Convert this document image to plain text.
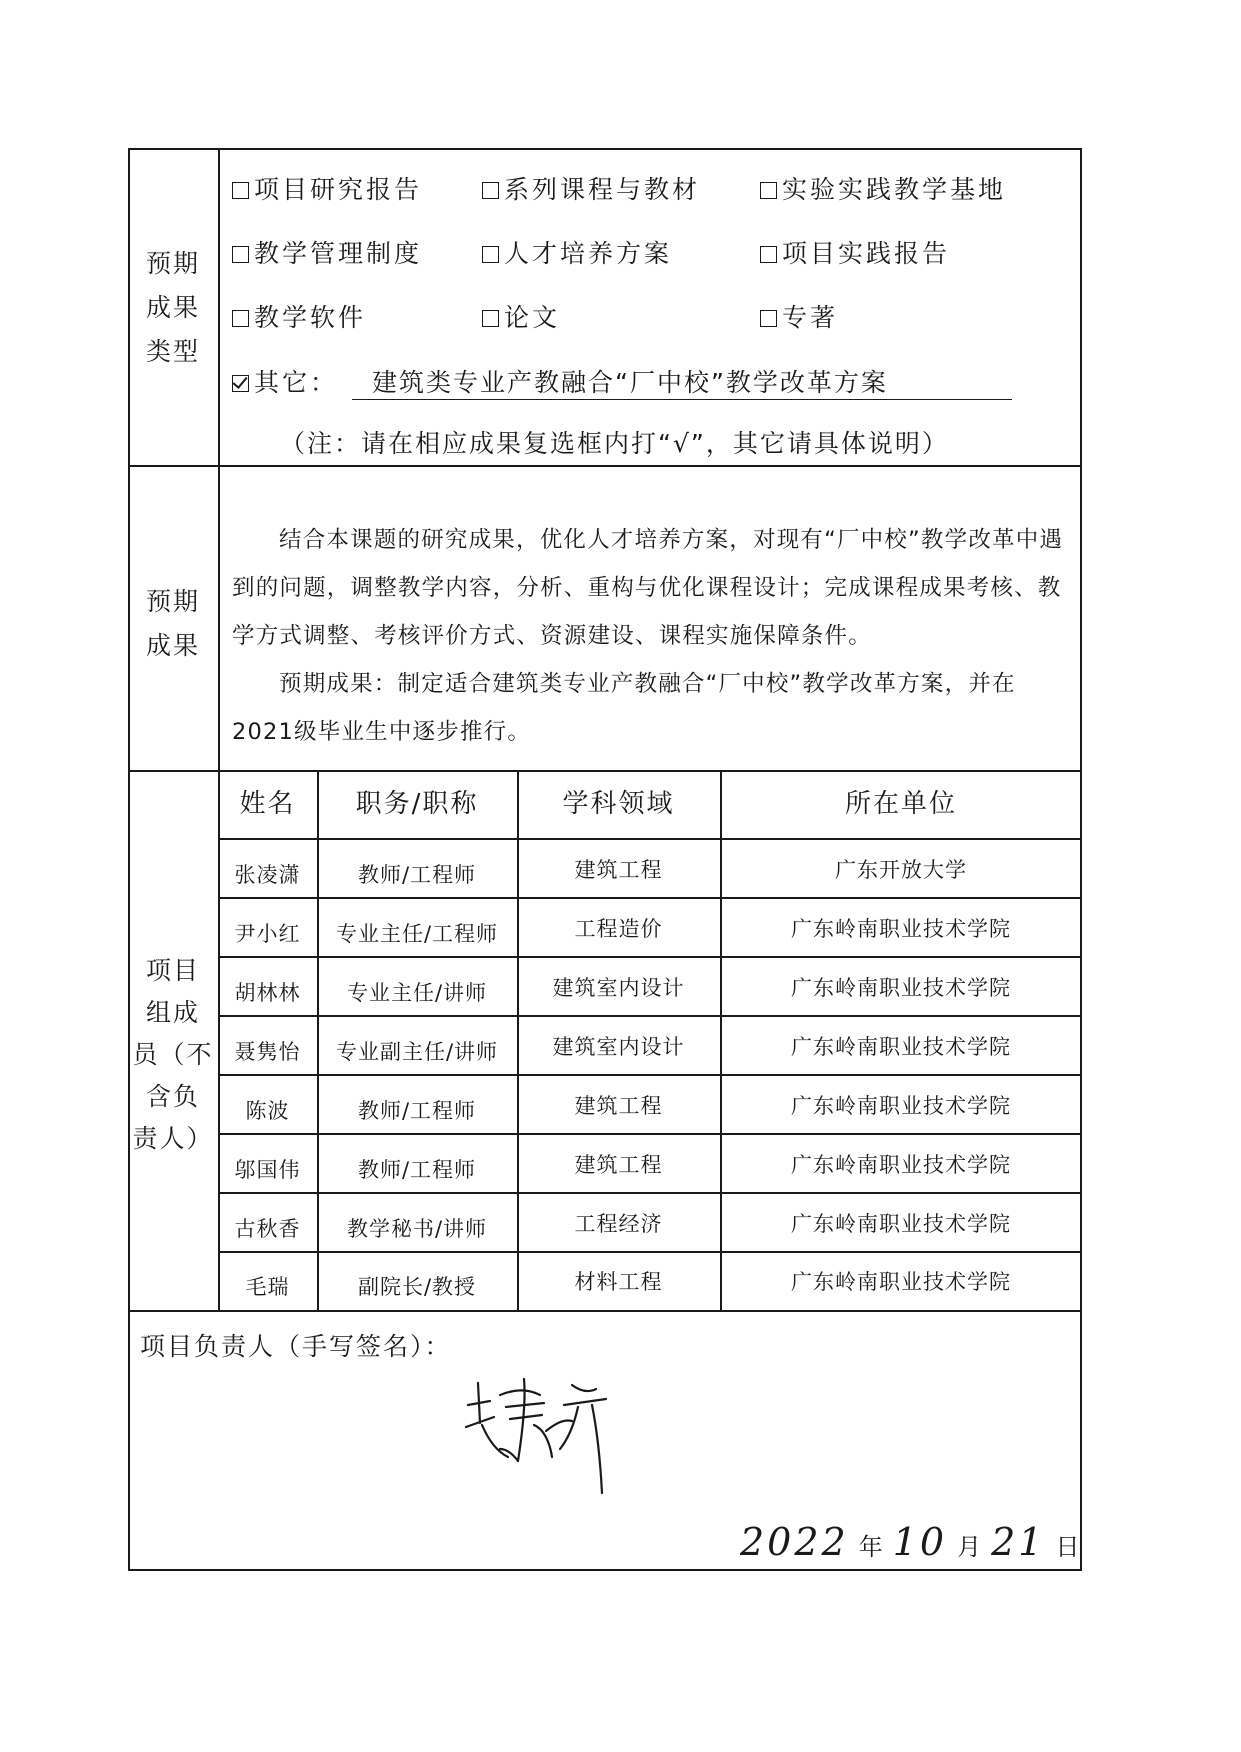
预期
成果
类型
项目研究报告	系列课程与教材	实验实践教学基地
教学管理制度	人才培养方案	项目实践报告
教学软件	论文	专著
其它：	建筑类专业产教融合“厂中校”教学改革方案
（注：请在相应成果复选框内打“√”，其它请具体说明）
预期
成果
结合本课题的研究成果，优化人才培养方案，对现有“厂中校”教学改革中遇到的问题，调整教学内容，分析、重构与优化课程设计；完成课程成果考核、教学方式调整、考核评价方式、资源建设、课程实施保障条件。
预期成果：制定适合建筑类专业产教融合“厂中校”教学改革方案，并在2021级毕业生中逐步推行。
项目
组成
员（不
含负
责人）
姓名	职务/职称	学科领域	所在单位
张凌潇	教师/工程师	建筑工程	广东开放大学
尹小红	专业主任/工程师	工程造价	广东岭南职业技术学院
胡林林	专业主任/讲师	建筑室内设计	广东岭南职业技术学院
聂隽怡	专业副主任/讲师	建筑室内设计	广东岭南职业技术学院
陈波	教师/工程师	建筑工程	广东岭南职业技术学院
邬国伟	教师/工程师	建筑工程	广东岭南职业技术学院
古秋香	教学秘书/讲师	工程经济	广东岭南职业技术学院
毛瑞	副院长/教授	材料工程	广东岭南职业技术学院
项目负责人（手写签名）：
2022 年 10 月 21 日
